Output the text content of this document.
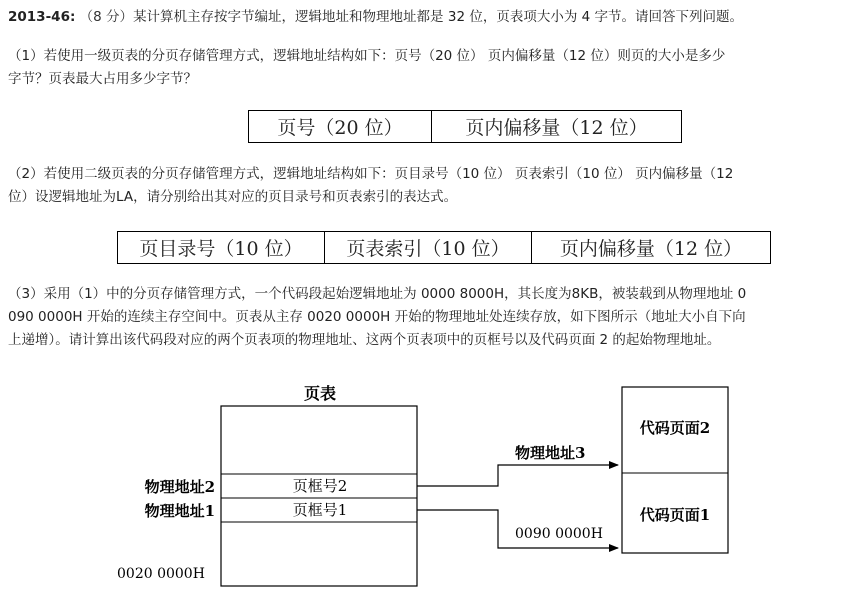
2013-46: （8 分）某计算机主存按字节编址，逻辑地址和物理地址都是 32 位，页表项大小为 4 字节。请回答下列问题。
（1）若使用一级页表的分页存储管理方式，逻辑地址结构如下：页号（20 位） 页内偏移量（12 位）则页的大小是多少
字节？页表最大占用多少字节？
页号（20 位）	页内偏移量（12 位）
（2）若使用二级页表的分页存储管理方式，逻辑地址结构如下：页目录号（10 位） 页表索引（10 位） 页内偏移量（12
位）设逻辑地址为LA，请分别给出其对应的页目录号和页表索引的表达式。
页目录号（10 位）	页表索引（10 位）	页内偏移量（12 位）
（3）采用（1）中的分页存储管理方式，一个代码段起始逻辑地址为 0000 8000H，其长度为8KB，被装载到从物理地址 0
090 0000H 开始的连续主存空间中。页表从主存 0020 0000H 开始的物理地址处连续存放，如下图所示（地址大小自下向
上递增）。请计算出该代码段对应的两个页表项的物理地址、这两个页表项中的页框号以及代码页面 2 的起始物理地址。
页表
页框号2
页框号1
物理地址2
物理地址1
0020 0000H
物理地址3
0090 0000H
代码页面2
代码页面1
